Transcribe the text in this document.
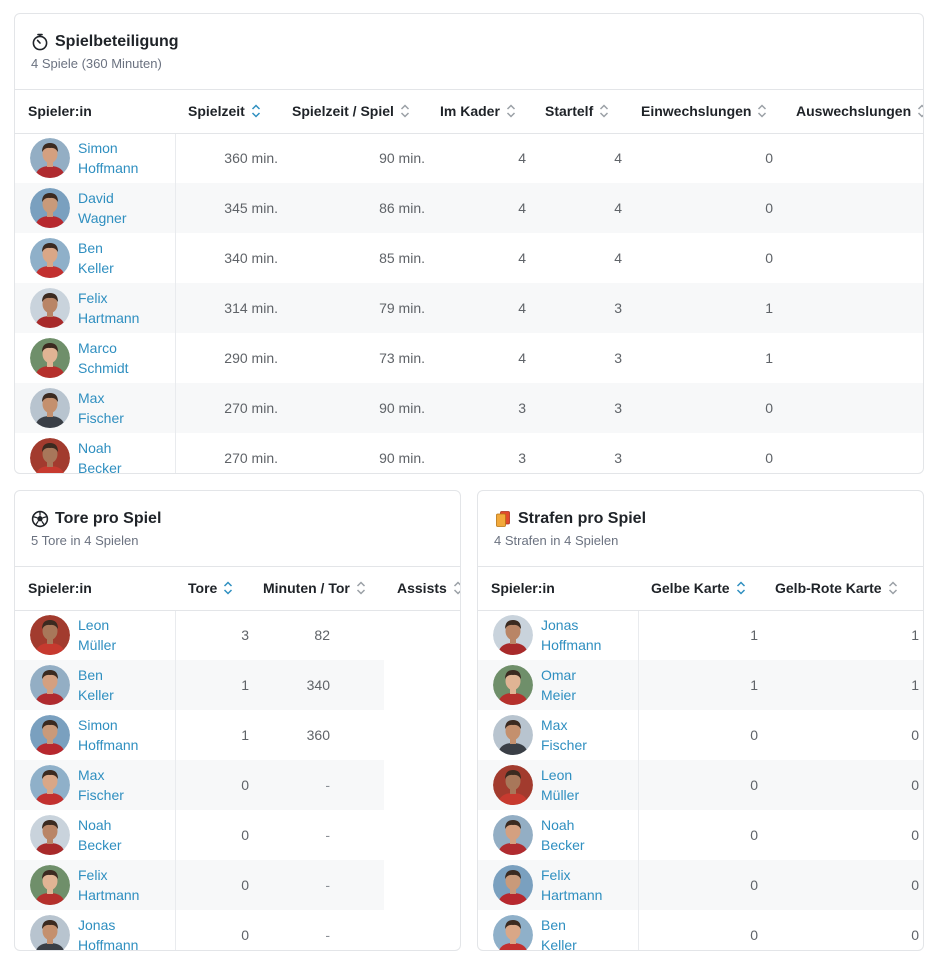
Spielbeteiligung
4 Spiele (360 Minuten)
Spieler:in	Spielzeit	Spielzeit / Spiel	Im Kader	Startelf	Einwechslungen	Auswechslungen

Simon
Hoffmann	360 min.	90 min.	4	4	0	

David
Wagner	345 min.	86 min.	4	4	0	

Ben
Keller	340 min.	85 min.	4	4	0	

Felix
Hartmann	314 min.	79 min.	4	3	1	

Marco
Schmidt	290 min.	73 min.	4	3	1	

Max
Fischer	270 min.	90 min.	3	3	0	

Noah
Becker	270 min.	90 min.	3	3	0	
Tore pro Spiel
5 Tore in 4 Spielen
Spieler:in	Tore	Minuten / Tor	Assists

Leon
Müller	3	82	

Ben
Keller	1	340	

Simon
Hoffmann	1	360	

Max
Fischer	0	-	

Noah
Becker	0	-	

Felix
Hartmann	0	-	

Jonas
Hoffmann	0	-	
Strafen pro Spiel
4 Strafen in 4 Spielen
Spieler:in	Gelbe Karte	Gelb-Rote Karte

Jonas
Hoffmann	1	1

Omar
Meier	1	1

Max
Fischer	0	0

Leon
Müller	0	0

Noah
Becker	0	0

Felix
Hartmann	0	0

Ben
Keller	0	0
